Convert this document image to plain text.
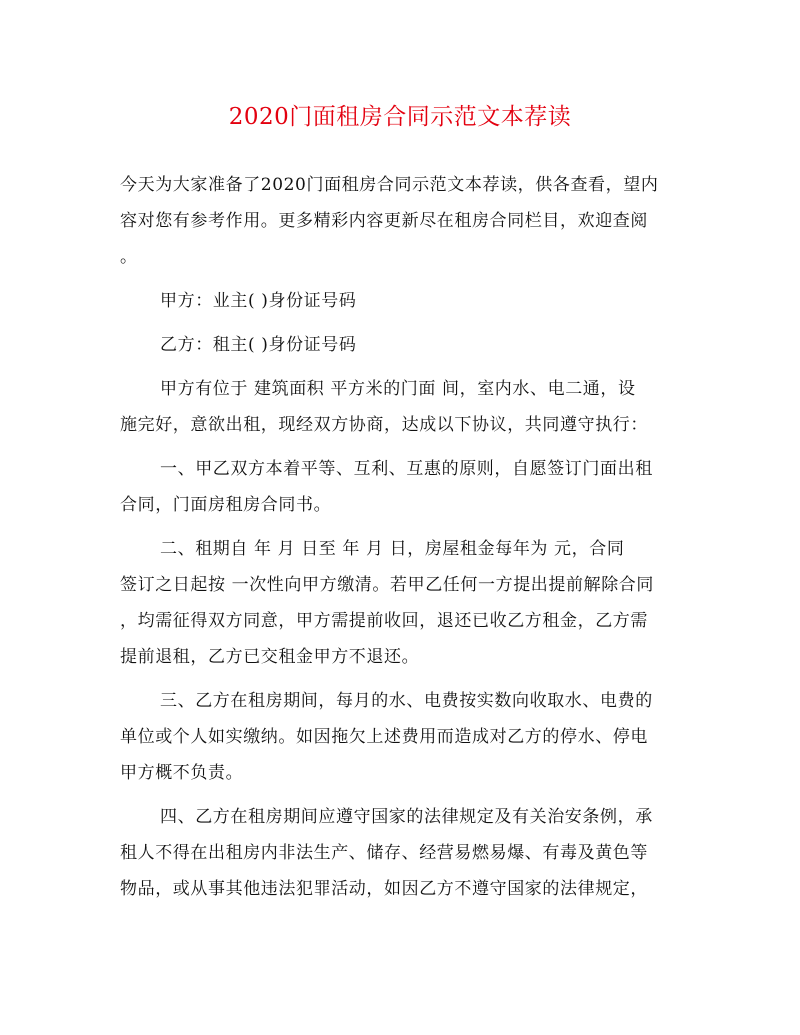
2020门面租房合同示范文本荐读
今天为大家准备了2020门面租房合同示范文本荐读，供各查看，望内
容对您有参考作用。更多精彩内容更新尽在租房合同栏目，欢迎查阅
。
甲方：业主( )身份证号码
乙方：租主( )身份证号码
甲方有位于 建筑面积 平方米的门面 间，室内水、电二通，设
施完好，意欲出租，现经双方协商，达成以下协议，共同遵守执行：
一、甲乙双方本着平等、互利、互惠的原则，自愿签订门面出租
合同，门面房租房合同书。
二、租期自 年 月 日至 年 月 日，房屋租金每年为 元，合同
签订之日起按 一次性向甲方缴清。若甲乙任何一方提出提前解除合同
，均需征得双方同意，甲方需提前收回，退还已收乙方租金，乙方需
提前退租，乙方已交租金甲方不退还。
三、乙方在租房期间，每月的水、电费按实数向收取水、电费的
单位或个人如实缴纳。如因拖欠上述费用而造成对乙方的停水、停电
甲方概不负责。
四、乙方在租房期间应遵守国家的法律规定及有关治安条例，承
租人不得在出租房内非法生产、储存、经营易燃易爆、有毒及黄色等
物品，或从事其他违法犯罪活动，如因乙方不遵守国家的法律规定，
